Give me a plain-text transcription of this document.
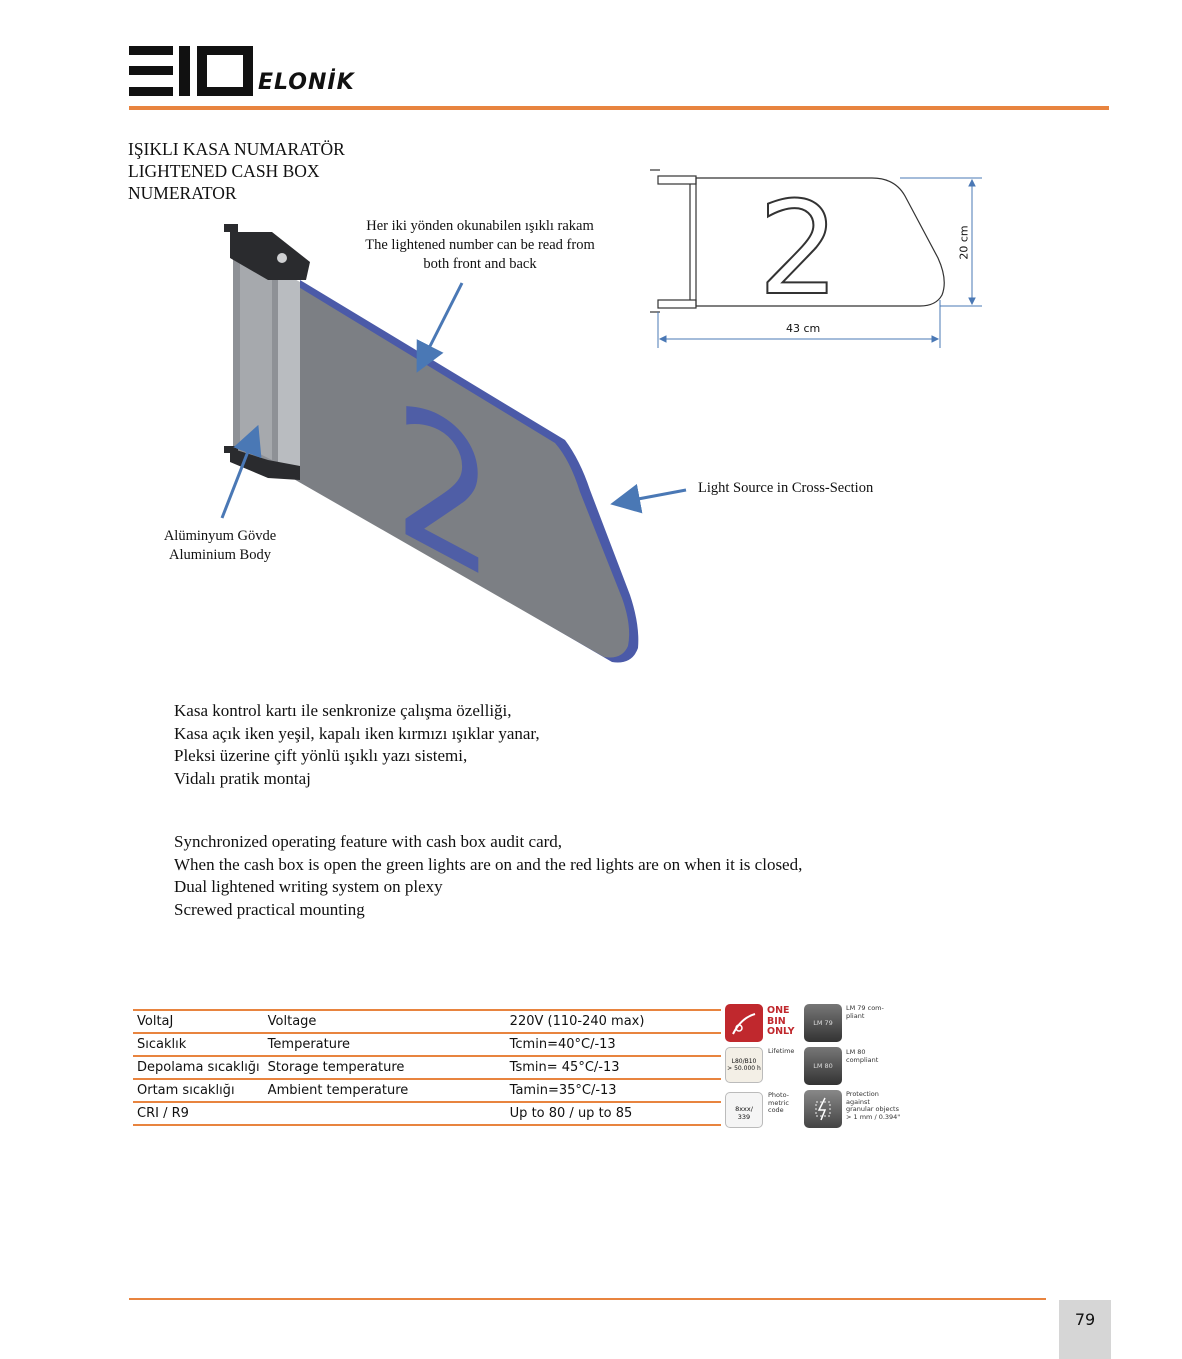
ELONİK
IŞIKLI KASA NUMARATÖR
LIGHTENED CASH BOX
NUMERATOR
2
Her iki yönden okunabilen ışıklı rakam
The lightened number can be read from
both front and back
Alüminyum Gövde
Aluminium Body
Light Source in Cross-Section
2	20 cm
43 cm
Kasa kontrol kartı ile senkronize çalışma özelliği,
Kasa açık iken yeşil, kapalı iken kırmızı ışıklar yanar,
Pleksi üzerine çift yönlü ışıklı yazı sistemi,
Vidalı pratik montaj
Synchronized operating feature with cash box audit card,
When the cash box is open the green lights are on and the red lights are on when it is closed,
Dual lightened writing system on plexy
Screwed practical mounting
VoltaJ	Voltage	220V (110-240 max)
Sıcaklık	Temperature	Tcmin=40°C/-13
Depolama sıcaklığı	Storage temperature	Tsmin= 45°C/-13
Ortam sıcaklığı	Ambient temperature	Tamin=35°C/-13
CRI / R9		Up to 80 / up to 85
ONE
BIN
ONLY
L80/B10
> 50.000 h
Lifetime
8xxx/
339
Photo-
metric
code
LM 79
LM 79 com-
pliant
LM 80
LM 80
compliant
Protection
against
granular objects
> 1 mm / 0.394"
79
